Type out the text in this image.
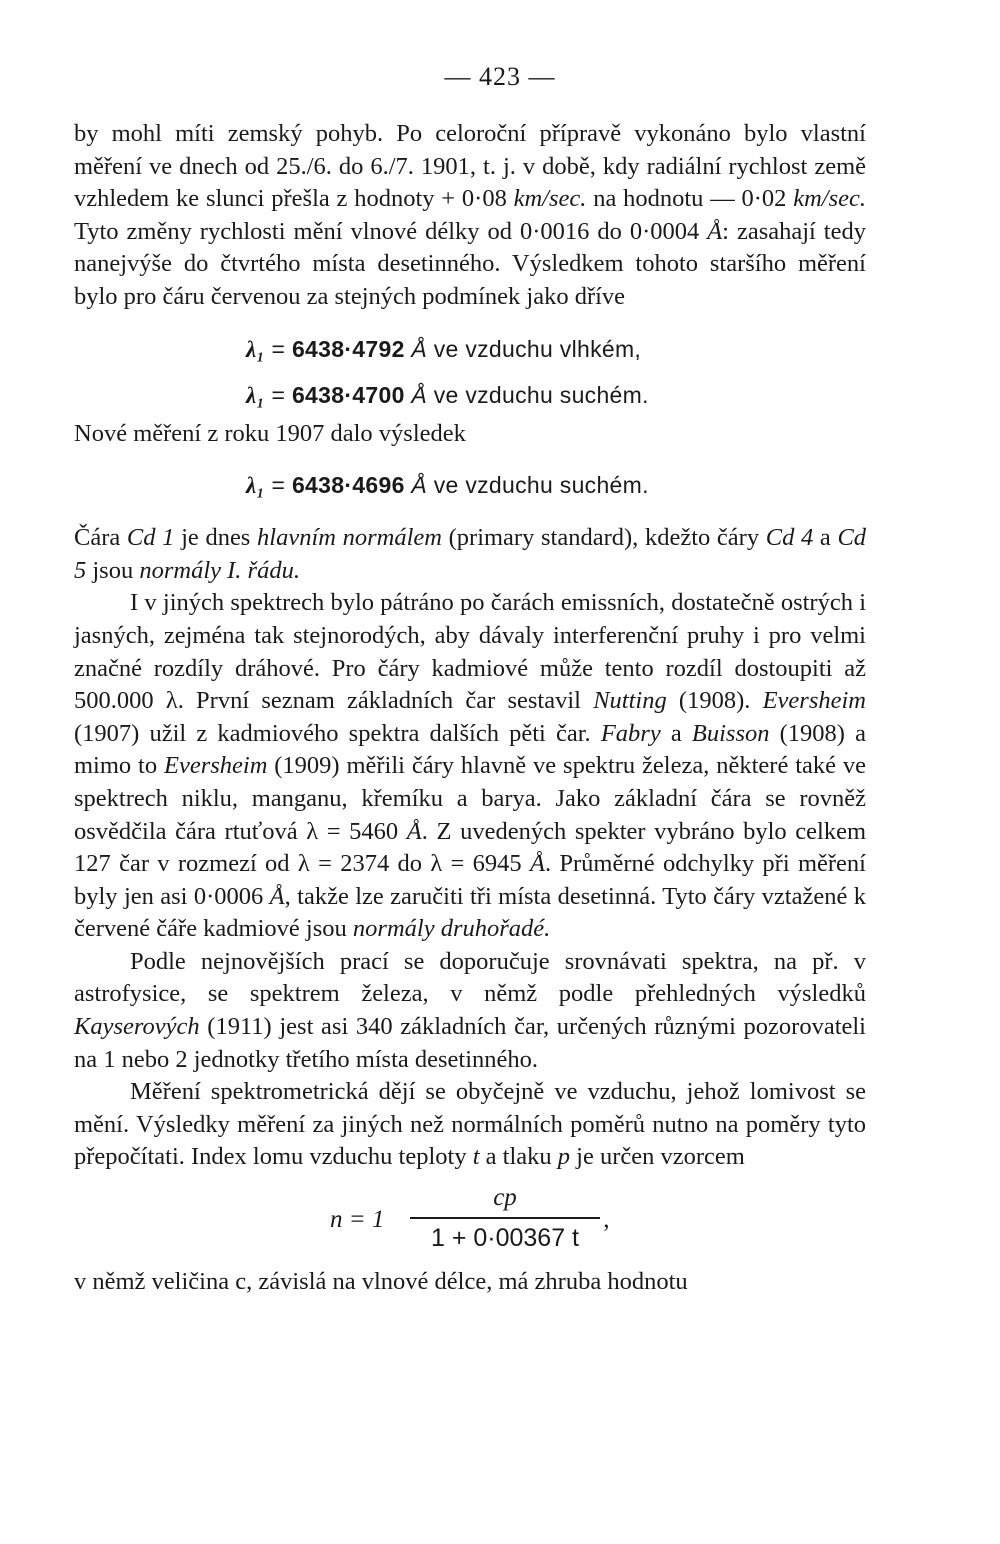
— 423 —

by mohl míti zemský pohyb. Po celoroční přípravě vykonáno bylo vlastní měření ve dnech od 25./6. do 6./7. 1901, t. j. v době, kdy radiální rychlost země vzhledem ke slunci přešla z hodnoty + 0·08 km/sec. na hodnotu — 0·02 km/sec. Tyto změny rychlosti mění vlnové délky od 0·0016 do 0·0004 Å: zasahají tedy nanejvýše do čtvrtého místa desetinného. Výsledkem tohoto staršího měření bylo pro čáru červenou za stejných podmínek jako dříve

λ₁ = 6438·4792 Å ve vzduchu vlhkém,
λ₁ = 6438·4700 Å ve vzduchu suchém.

Nové měření z roku 1907 dalo výsledek

λ₁ = 6438·4696 Å ve vzduchu suchém.

Čára Cd 1 je dnes hlavním normálem (primary standard), kdežto čáry Cd 4 a Cd 5 jsou normály I. řádu.

I v jiných spektrech bylo pátráno po čarách emissních, dostatečně ostrých i jasných, zejména tak stejnorodých, aby dávaly interferenční pruhy i pro velmi značné rozdíly dráhové. Pro čáry kadmiové může tento rozdíl dostoupiti až 500.000 λ. První seznam základních čar sestavil Nutting (1908). Eversheim (1907) užil z kadmiového spektra dalších pěti čar. Fabry a Buisson (1908) a mimo to Eversheim (1909) měřili čáry hlavně ve spektru železa, některé také ve spektrech niklu, manganu, křemíku a barya. Jako základní čára se rovněž osvědčila čára rtuťová λ = 5460 Å. Z uvedených spekter vybráno bylo celkem 127 čar v rozmezí od λ = 2374 do λ = 6945 Å. Průměrné odchylky při měření byly jen asi 0·0006 Å, takže lze zaručiti tři místa desetinná. Tyto čáry vztažené k červené čáře kadmiové jsou normály druhořadé.

Podle nejnovějších prací se doporučuje srovnávati spektra, na př. v astrofysice, se spektrem železa, v němž podle přehledných výsledků Kayserových (1911) jest asi 340 základních čar, určených různými pozorovateli na 1 nebo 2 jednotky třetího místa desetinného.

Měření spektrometrická dějí se obyčejně ve vzduchu, jehož lomivost se mění. Výsledky měření za jiných než normálních poměrů nutno na poměry tyto přepočítati. Index lomu vzduchu teploty t a tlaku p je určen vzorcem

n = 1
cp
1 + 0·00367 t ’

v němž veličina c, závislá na vlnové délce, má zhruba hodnotu
